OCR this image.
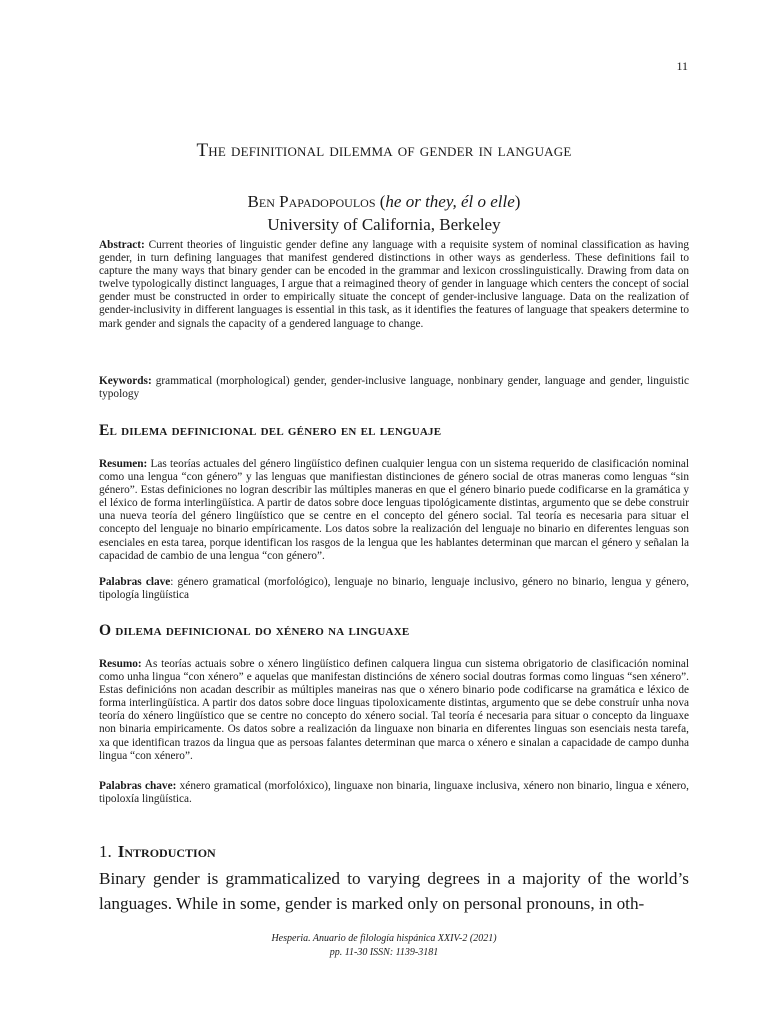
11
The definitional dilemma of gender in language
Ben Papadopoulos (he or they, él o elle)
University of California, Berkeley
Abstract: Current theories of linguistic gender define any language with a requisite system of nominal classification as having gender, in turn defining languages that manifest gendered distinctions in other ways as genderless. These definitions fail to capture the many ways that binary gender can be encoded in the grammar and lexicon crosslinguistically. Drawing from data on twelve typologically distinct languages, I argue that a reimagined theory of gender in language which centers the concept of social gender must be constructed in order to empirically situate the concept of gender-inclusive language. Data on the realization of gender-inclusivity in different languages is essential in this task, as it identifies the features of language that speakers determine to mark gender and signals the capacity of a gendered language to change.
Keywords: grammatical (morphological) gender, gender-inclusive language, nonbinary gender, language and gender, linguistic typology
El dilema definicional del género en el lenguaje
Resumen: Las teorías actuales del género lingüístico definen cualquier lengua con un sistema requerido de clasificación nominal como una lengua “con género” y las lenguas que manifiestan distinciones de género social de otras maneras como lenguas “sin género”. Estas definiciones no logran describir las múltiples maneras en que el género binario puede codificarse en la gramática y el léxico de forma interlingüística. A partir de datos sobre doce lenguas tipológicamente distintas, argumento que se debe construir una nueva teoría del género lingüístico que se centre en el concepto del género social. Tal teoría es necesaria para situar el concepto del lenguaje no binario empíricamente. Los datos sobre la realización del lenguaje no binario en diferentes lenguas son esenciales en esta tarea, porque identifican los rasgos de la lengua que les hablantes determinan que marcan el género y señalan la capacidad de cambio de una lengua “con género”.
Palabras clave: género gramatical (morfológico), lenguaje no binario, lenguaje inclusivo, género no binario, lengua y género, tipología lingüística
O dilema definicional do xénero na linguaxe
Resumo: As teorías actuais sobre o xénero lingüístico definen calquera lingua cun sistema obrigatorio de clasificación nominal como unha lingua “con xénero” e aquelas que manifestan distincións de xénero social doutras formas como linguas “sen xénero”. Estas definicións non acadan describir as múltiples maneiras nas que o xénero binario pode codificarse na gramática e léxico de forma interlingüística. A partir dos datos sobre doce linguas tipoloxicamente distintas, argumento que se debe construír unha nova teoría do xénero lingüístico que se centre no concepto do xénero social. Tal teoría é necesaria para situar o concepto da linguaxe non binaria empiricamente. Os datos sobre a realización da linguaxe non binaria en diferentes linguas son esenciais nesta tarefa, xa que identifican trazos da lingua que as persoas falantes determinan que marca o xénero e sinalan a capacidade de campo dunha lingua “con xénero”.
Palabras chave: xénero gramatical (morfolóxico), linguaxe non binaria, linguaxe inclusiva, xénero non binario, lingua e xénero, tipoloxía lingüística.
1. Introduction
Binary gender is grammaticalized to varying degrees in a majority of the world’s languages. While in some, gender is marked only on personal pronouns, in oth-
Hesperia. Anuario de filología hispánica XXIV-2 (2021)
pp. 11-30 ISSN: 1139-3181
